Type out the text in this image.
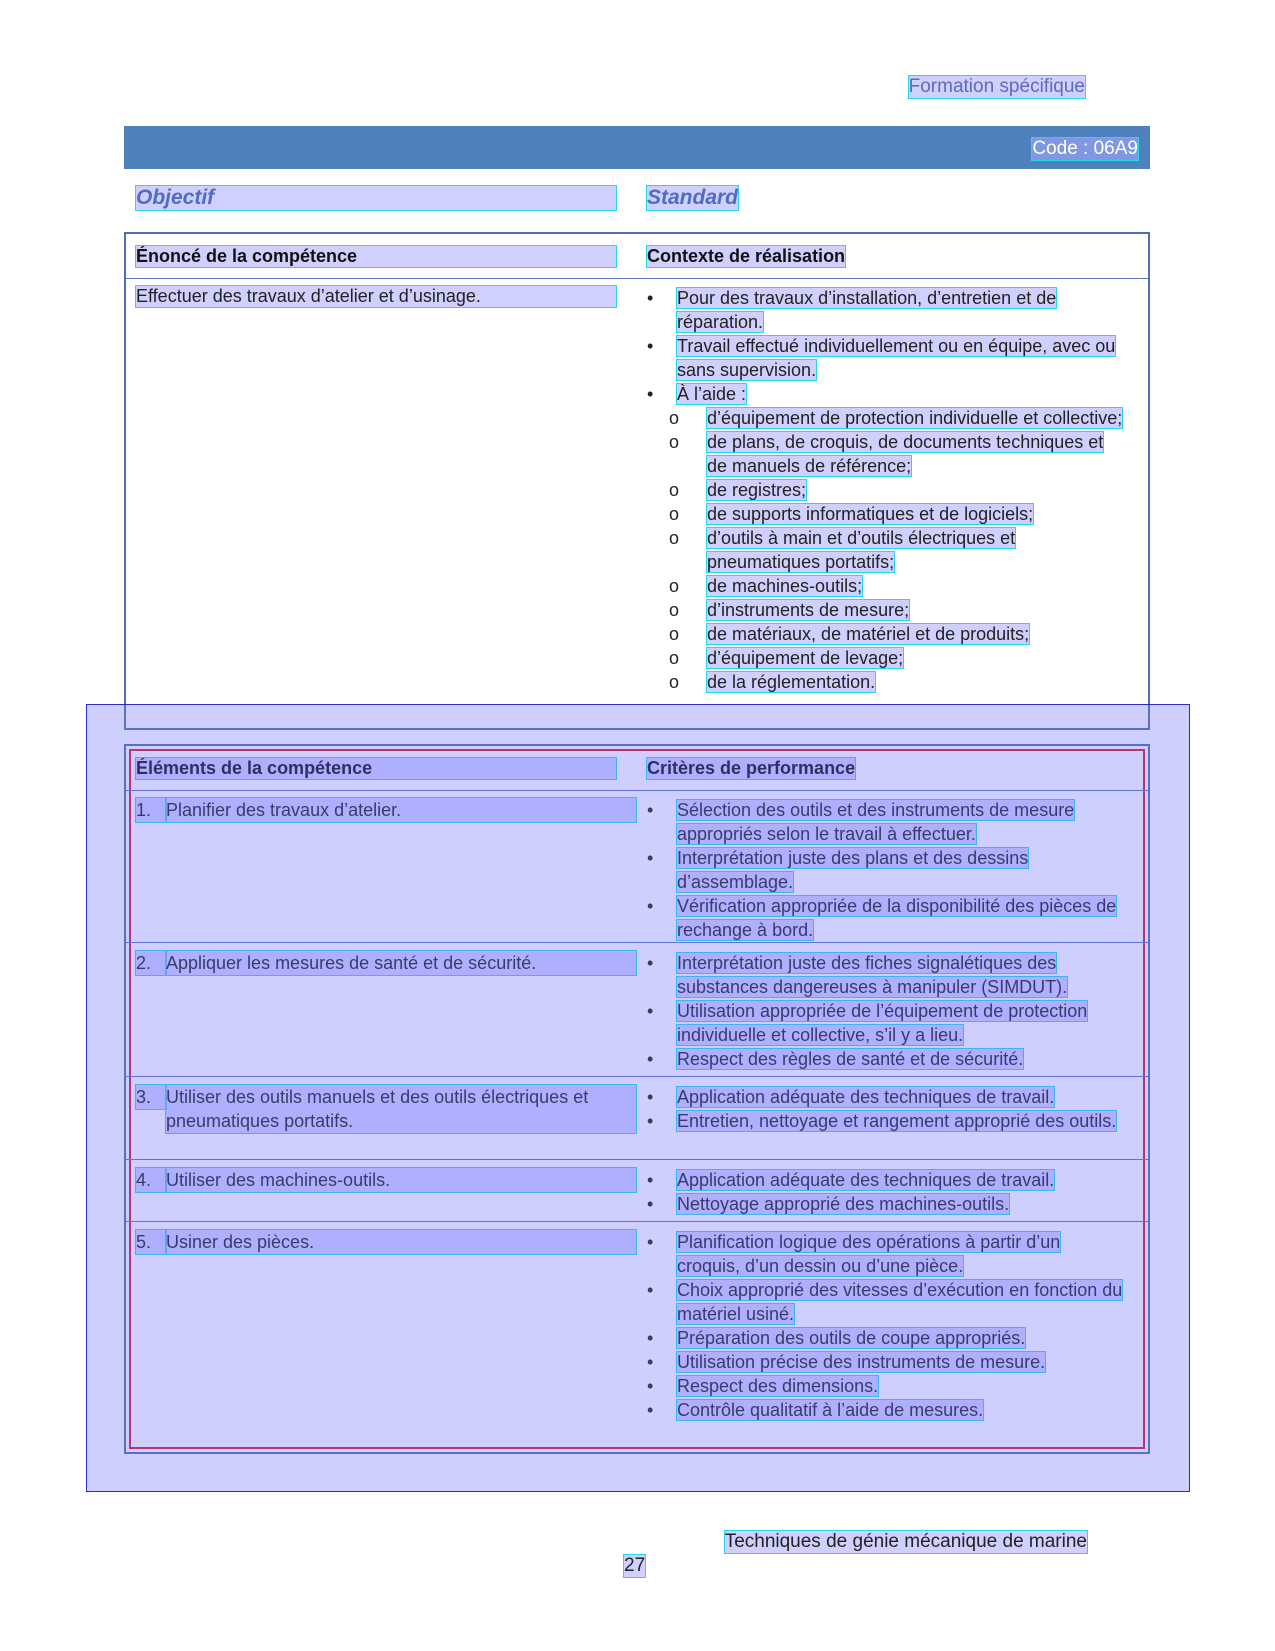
Formation spécifique
Code : 06A9
Objectif	Standard
Énoncé de la compétence	Contexte de réalisation
Effectuer des travaux d’atelier et d’usinage.	•	Pour des travaux d’installation, d’entretien et de réparation.
•	Travail effectué individuellement ou en équipe, avec ou sans supervision.
•	À l’aide :
o	d’équipement de protection individuelle et collective;
o	de plans, de croquis, de documents techniques et de manuels de référence;
o	de registres;
o	de supports informatiques et de logiciels;
o	d’outils à main et d’outils électriques et pneumatiques portatifs;
o	de machines-outils;
o	d’instruments de mesure;
o	de matériaux, de matériel et de produits;
o	d’équipement de levage;
o	de la réglementation.
Éléments de la compétence	Critères de performance
1. Planifier des travaux d’atelier.	•	Sélection des outils et des instruments de mesure appropriés selon le travail à effectuer.
•	Interprétation juste des plans et des dessins d’assemblage.
•	Vérification appropriée de la disponibilité des pièces de rechange à bord.
2. Appliquer les mesures de santé et de sécurité.	•	Interprétation juste des fiches signalétiques des substances dangereuses à manipuler (SIMDUT).
•	Utilisation appropriée de l’équipement de protection individuelle et collective, s’il y a lieu.
•	Respect des règles de santé et de sécurité.
3. Utiliser des outils manuels et des outils électriques et pneumatiques portatifs.
•	Application adéquate des techniques de travail.
•	Entretien, nettoyage et rangement approprié des outils.
4. Utiliser des machines-outils.	•	Application adéquate des techniques de travail.
•	Nettoyage approprié des machines-outils.
5. Usiner des pièces.	•	Planification logique des opérations à partir d’un croquis, d’un dessin ou d’une pièce.
•	Choix approprié des vitesses d’exécution en fonction du matériel usiné.
•	Préparation des outils de coupe appropriés.
•	Utilisation précise des instruments de mesure.
•	Respect des dimensions.
•	Contrôle qualitatif à l’aide de mesures.
Techniques de génie mécanique de marine
27
